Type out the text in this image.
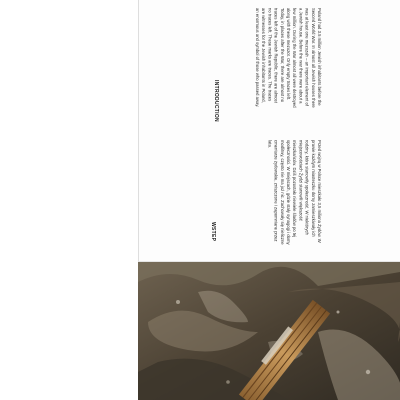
WSTEP
INTRODUCTION

Przed wojną w Polsce mieszkało 3,5 miliona Żydów. W prawie każdym miasteczku domy zamieszkiwały ich rodziny, które stanowiły społeczność. W niektórych miejscowościach Żydzi stanowili większość mieszkańców. Dziś pozostało niewiele śladów po tej społeczności. W miejscach, gdzie stały synagogi i domy modlitwy, często nie ma już nic. Zachowały się nieliczne cmentarze żydowskie, zniszczone i zapomniane przez lata.

Poland had 3.5 million Jewish inhabitants before the Second World War. In almost all Jewish houses there was at least one mezuzah – an important element of a Jewish house. Before the war there were about a few million. During the War almost all were destroyed along with these mezuzot. Only empty traces left. Today, in places after the War, there are almost no traces left of the Jewish Republic, there are almost no traces left. These marks are traces. The traces are witnesses for the Jewish inhabitants in Poland, an enormous and symbol of those who passed away.
